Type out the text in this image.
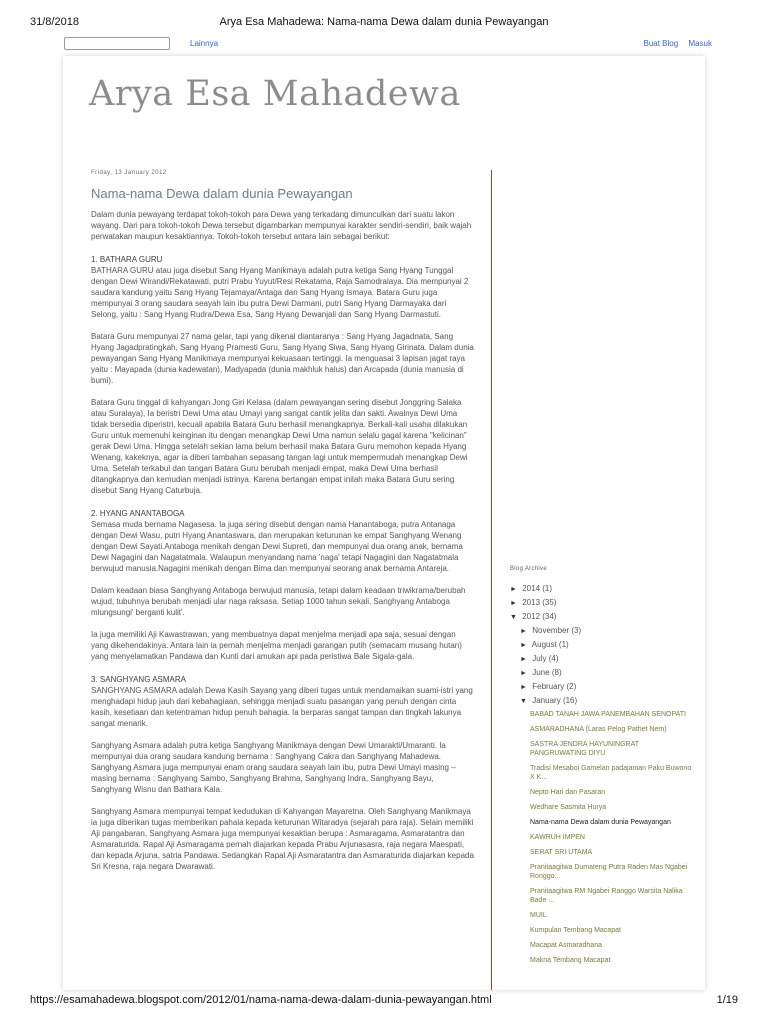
31/8/2018	Arya Esa Mahadewa: Nama-nama Dewa dalam dunia Pewayangan
Lainnya	Buat Blog Masuk
Arya Esa Mahadewa
Friday, 13 January 2012
Nama-nama Dewa dalam dunia Pewayangan

Dalam dunia pewayang terdapat tokoh-tokoh para Dewa yang terkadang dimunculkan dari suatu lakon wayang. Dari para tokoh-tokoh Dewa tersebut digambarkan mempunyai karakter sendiri-sendiri, baik wajah perwatakan maupun kesaktiannya. Tokoh-tokoh tersebut antara lain sebagai berikut:

1. BATHARA GURU

BATHARA GURU atau juga disebut Sang Hyang Manikmaya adalah putra ketiga Sang Hyang Tunggal dengan Dewi Wirandi/Rekatawati, putri Prabu Yuyut/Resi Rekatama, Raja Samodralaya. Dia mempunyai 2 saudara kandung yaitu Sang Hyang Tejamaya/Antaga dan Sang Hyang Ismaya. Batara Guru juga mempunyai 3 orang saudara seayah lain ibu putra Dewi Darmani, putri Sang Hyang Darmayaka dari Selong, yaitu : Sang Hyang Rudra/Dewa Esa, Sang Hyang Dewanjali dan Sang Hyang Darmastuti.

Batara Guru mempunyai 27 nama gelar, tapi yang dikenal diantaranya : Sang Hyang Jagadnata, Sang Hyang Jagadpratingkah, Sang Hyang Pramesti Guru, Sang Hyang Siwa, Sang Hyang Girinata. Dalam dunia pewayangan Sang Hyang Manikmaya mempunyai kekuasaan tertinggi. Ia menguasai 3 lapisan jagat raya yaitu : Mayapada (dunia kadewatan), Madyapada (dunia makhluk halus) dan Arcapada (dunia manusia di bumi).

Batara Guru tinggal di kahyangan Jong Giri Kelasa (dalam pewayangan sering disebut Jonggring Salaka atau Suralaya), Ia beristri Dewi Uma atau Umayi yang sangat cantik jelita dan sakti. Awalnya Dewi Uma tidak bersedia diperistri, kecuali apabila Batara Guru berhasil menangkapnya. Berkali-kali usaha dilakukan Guru untuk memenuhi keinginan itu dengan menangkap Dewi Uma namun selalu gagal karena "kelicinan" gerak Dewi Uma. Hingga setelah sekian lama belum berhasil maka Batara Guru memohon kepada Hyang Wenang, kakeknya, agar ia diberi tambahan sepasang tangan lagi untuk mempermudah menangkap Dewi Uma. Setelah terkabul dan tangan Batara Guru berubah menjadi empat, maka Dewi Uma berhasil ditangkapnya dan kemudian menjadi istrinya. Karena bertangan empat inilah maka Batara Guru sering disebut Sang Hyang Caturbuja.

2. HYANG ANANTABOGA

Semasa muda bernama Nagasesa. Ia juga sering disebut dengan nama Hanantaboga, putra Antanaga dengan Dewi Wasu, putri Hyang Anantaswara, dan merupakan keturunan ke empat Sanghyang Wenang dengan Dewi Sayati.Antaboga menikah dengan Dewi Supreti, dan mempunyai dua orang anak, bernama Dewi Nagagini dan Nagatatmala. Walaupun menyandang nama 'naga' tetapi Nagagini dan Nagatatmala berwujud manusia.Nagagini menikah dengan Bima dan mempunyai seorang anak bernama Antareja.

Dalam keadaan biasa Sanghyang Antaboga berwujud manusia, tetapi dalam keadaan triwikrama/berubah wujud, tubuhnya berubah menjadi ular naga raksasa. Setiap 1000 tahun sekali, Sanghyang Antaboga mlungsungi' berganti kulit'.

Ia juga memiliki Aji Kawastrawan, yang membuatnya dapat menjelma menjadi apa saja, sesuai dengan yang dikehendakinya. Antara lain ia pernah menjelma menjadi garangan putih (semacam musang hutan) yang menyelamatkan Pandawa dan Kunti dari amukan api pada peristiwa Bale Sigala-gala.

3. SANGHYANG ASMARA

SANGHYANG ASMARA adalah Dewa Kasih Sayang yang diberi tugas untuk mendamaikan suami-istri yang menghadapi hidup jauh dari kebahagiaan, sehingga menjadi suatu pasangan yang penuh dengan cinta kasih, kesetiaan dan ketentraman hidup penuh bahagia. Ia berparas sangat tampan dan tingkah lakunya sangat menarik.

Sanghyang Asmara adalah putra ketiga Sanghyang Manikmaya dengan Dewi Umarakti/Umaranti. Ia mempunyai dua orang saudara kandung bernama : Sanghyang Cakra dan Sanghyang Mahadewa. Sanghyang Asmara juga mempunyai enam orang saudara seayah lain ibu, putra Dewi Umayi masing – masing bernama : Sanghyang Sambo, Sanghyang Brahma, Sanghyang Indra, Sanghyang Bayu, Sanghyang Wisnu dan Bathara Kala.

Sanghyang Asmara mempunyai tempat kedudukan di Kahyangan Mayaretna. Oleh Sanghyang Manikmaya ia juga diberikan tugas memberikan pahala kepada keturunan Witaradya (sejarah para raja). Selain memiliki Aji pangabaran, Sanghyang Asmara juga mempunyai kesaktian berupa : Asmaragama, Asmaratantra dan Asmaraturida. Rapal Aji Asmaragama pernah diajarkan kepada Prabu Arjunasasra, raja negara Maespati, dan kepada Arjuna, satria Pandawa. Sedangkan Rapal Aji Asmaratantra dan Asmaraturida diajarkan kepada Sri Kresna, raja negara Dwarawati.

Blog Archive
► 2014 (1)
► 2013 (35)
▼ 2012 (34)
► November (3)
► August (1)
► July (4)
► June (8)
► February (2)
▼ January (16)
BABAD TANAH JAWA PANEMBAHAN SENOPATI
ASMARADHANA (Laras Pelog Pathet Nem)
SASTRA JENDRA HAYUNINGRAT PANGRUWATING DIYU
Tradisi Mesaboi Gamelan padajaman Paku Buwono X K...
Nepto Hari dan Pasaran
Wedhare Sasmita Hurya
Nama-nama Dewa dalam dunia Pewayangan
KAWRUH IMPEN
SERAT SRI UTAMA
Pranitaagitwa Dumateng Putra Raden Mas Ngabei Ronggo...
Pranitaagitwa RM Ngabei Ranggo Warsita Nalika Bade ...
MUIL
Kumpulan Tembang Macapat
Macapat Asmaradhana
Makna Tembang Macapat
https://esamahadewa.blogspot.com/2012/01/nama-nama-dewa-dalam-dunia-pewayangan.html	1/19
